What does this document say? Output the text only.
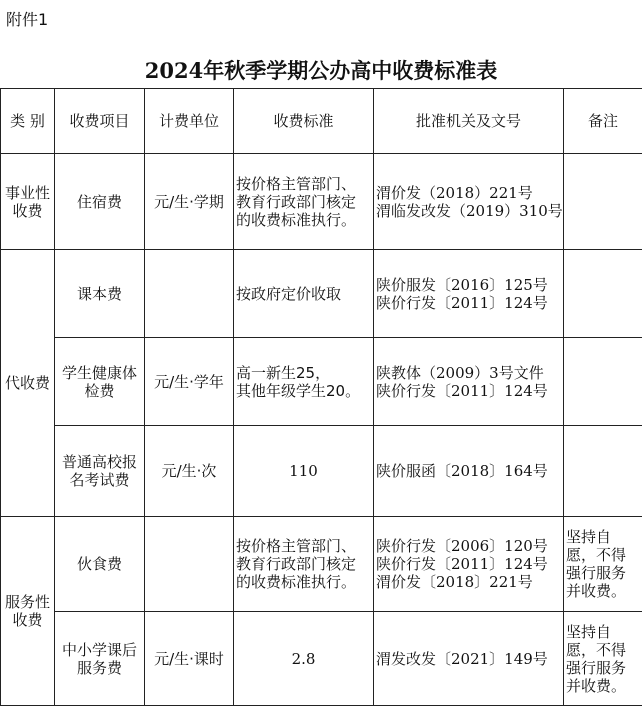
附件1
2024年秋季学期公办高中收费标准表
类 别	收费项目	计费单位	收费标准	批准机关及文号	备注
事业性收费	住宿费	元/生·学期	按价格主管部门、
教育行政部门核定
的收费标准执行。	渭价发（2018）221号
渭临发改发（2019）310号	

代收费	课本费		按政府定价收取	陕价服发〔2016〕125号
陕价行发〔2011〕124号	

	学生健康体检费	元/生·学年	高一新生25，
其他年级学生20。	陕教体（2009）3号文件
陕价行发〔2011〕124号	

	普通高校报名考试费	元/生·次	110	陕价服函〔2018〕164号	

服务性收费	伙食费		按价格主管部门、
教育行政部门核定
的收费标准执行。	陕价行发〔2006〕120号
陕价行发〔2011〕124号
渭价发〔2018〕221号	坚持自愿，不得强行服务并收费。
	中小学课后服务费	元/生·课时	2.8	渭发改发〔2021〕149号	坚持自愿，不得强行服务并收费。
